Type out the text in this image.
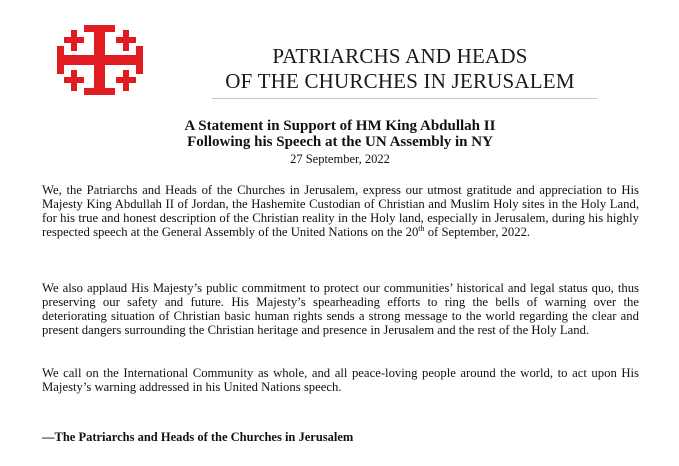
PATRIARCHS AND HEADS
OF THE CHURCHES IN JERUSALEM
A Statement in Support of HM King Abdullah II
Following his Speech at the UN Assembly in NY
27 September, 2022
We, the Patriarchs and Heads of the Churches in Jerusalem, express our utmost gratitude and appreciation to His Majesty King Abdullah II of Jordan, the Hashemite Custodian of Christian and Muslim Holy sites in the Holy Land, for his true and honest description of the Christian reality in the Holy land, especially in Jerusalem, during his highly respected speech at the General Assembly of the United Nations on the 20th of September, 2022.
We also applaud His Majesty’s public commitment to protect our communities’ historical and legal status quo, thus preserving our safety and future. His Majesty’s spearheading efforts to ring the bells of warning over the deteriorating situation of Christian basic human rights sends a strong message to the world regarding the clear and present dangers surrounding the Christian heritage and presence in Jerusalem and the rest of the Holy Land.
We call on the International Community as whole, and all peace-loving people around the world, to act upon His Majesty’s warning addressed in his United Nations speech.
—The Patriarchs and Heads of the Churches in Jerusalem
